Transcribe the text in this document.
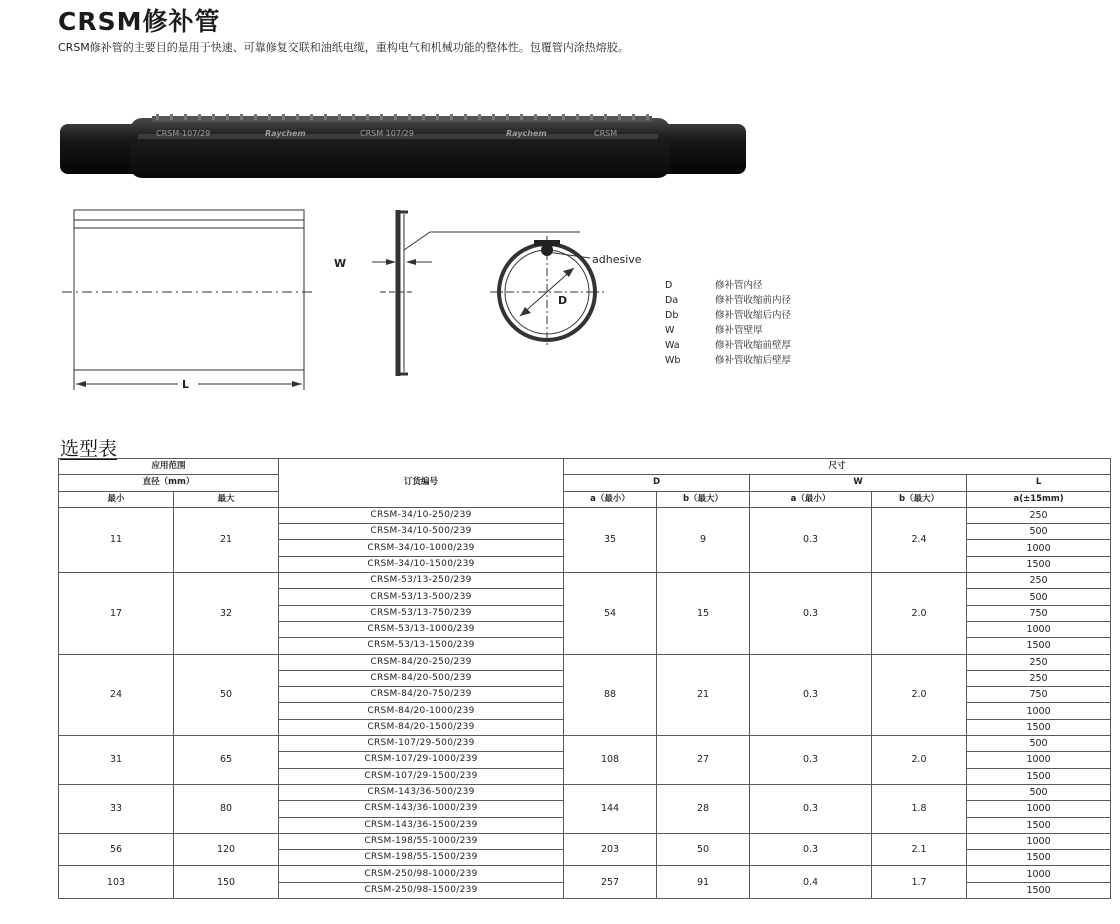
CRSM修补管
CRSM修补管的主要目的是用于快速、可靠修复交联和油纸电缆，重构电气和机械功能的整体性。包覆管内涂热熔胶。
CRSM-107/29	Raychem	CRSM 107/29	Raychem	CRSM
L
W	adhesive
D
D	修补管内径
Da	修补管收缩前内径
Db	修补管收缩后内径
W	修补管壁厚
Wa	修补管收缩前壁厚
Wb	修补管收缩后壁厚
选型表
应用范围		订货编号	尺寸				
直径（mm）			D		W		L
最小	最大		a（最小）	b（最大）	a（最小）	b（最大）	a(±15mm)
11	21	CRSM-34/10-250/239	35	9	0.3	2.4	250
		CRSM-34/10-500/239					500
		CRSM-34/10-1000/239					1000
		CRSM-34/10-1500/239					1500
17	32	CRSM-53/13-250/239	54	15	0.3	2.0	250
		CRSM-53/13-500/239					500
		CRSM-53/13-750/239					750
		CRSM-53/13-1000/239					1000
		CRSM-53/13-1500/239					1500
24	50	CRSM-84/20-250/239	88	21	0.3	2.0	250
		CRSM-84/20-500/239					250
		CRSM-84/20-750/239					750
		CRSM-84/20-1000/239					1000
		CRSM-84/20-1500/239					1500
31	65	CRSM-107/29-500/239	108	27	0.3	2.0	500
		CRSM-107/29-1000/239					1000
		CRSM-107/29-1500/239					1500
33	80	CRSM-143/36-500/239	144	28	0.3	1.8	500
		CRSM-143/36-1000/239					1000
		CRSM-143/36-1500/239					1500
56	120	CRSM-198/55-1000/239	203	50	0.3	2.1	1000
		CRSM-198/55-1500/239					1500
103	150	CRSM-250/98-1000/239	257	91	0.4	1.7	1000
		CRSM-250/98-1500/239					1500
